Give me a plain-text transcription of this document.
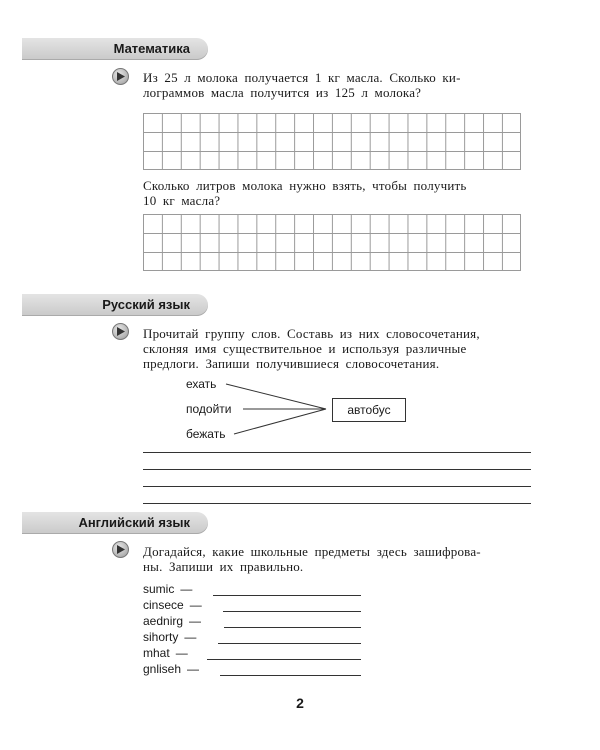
Математика
Из 25 л молока получается 1 кг масла. Сколько ки-
лограммов масла получится из 125 л молока?
Сколько литров молока нужно взять, чтобы получить
10 кг масла?
Русский язык
Прочитай группу слов. Составь из них словосочетания,
склоняя имя существительное и используя различные
предлоги. Запиши получившиеся словосочетания.
ехать
подойти
бежать
автобус
Английский язык
Догадайся, какие школьные предметы здесь зашифрова-
ны. Запиши их правильно.
sumic —
cinsece —
aednirg —
sihorty —
mhat —
gnliseh —
2
